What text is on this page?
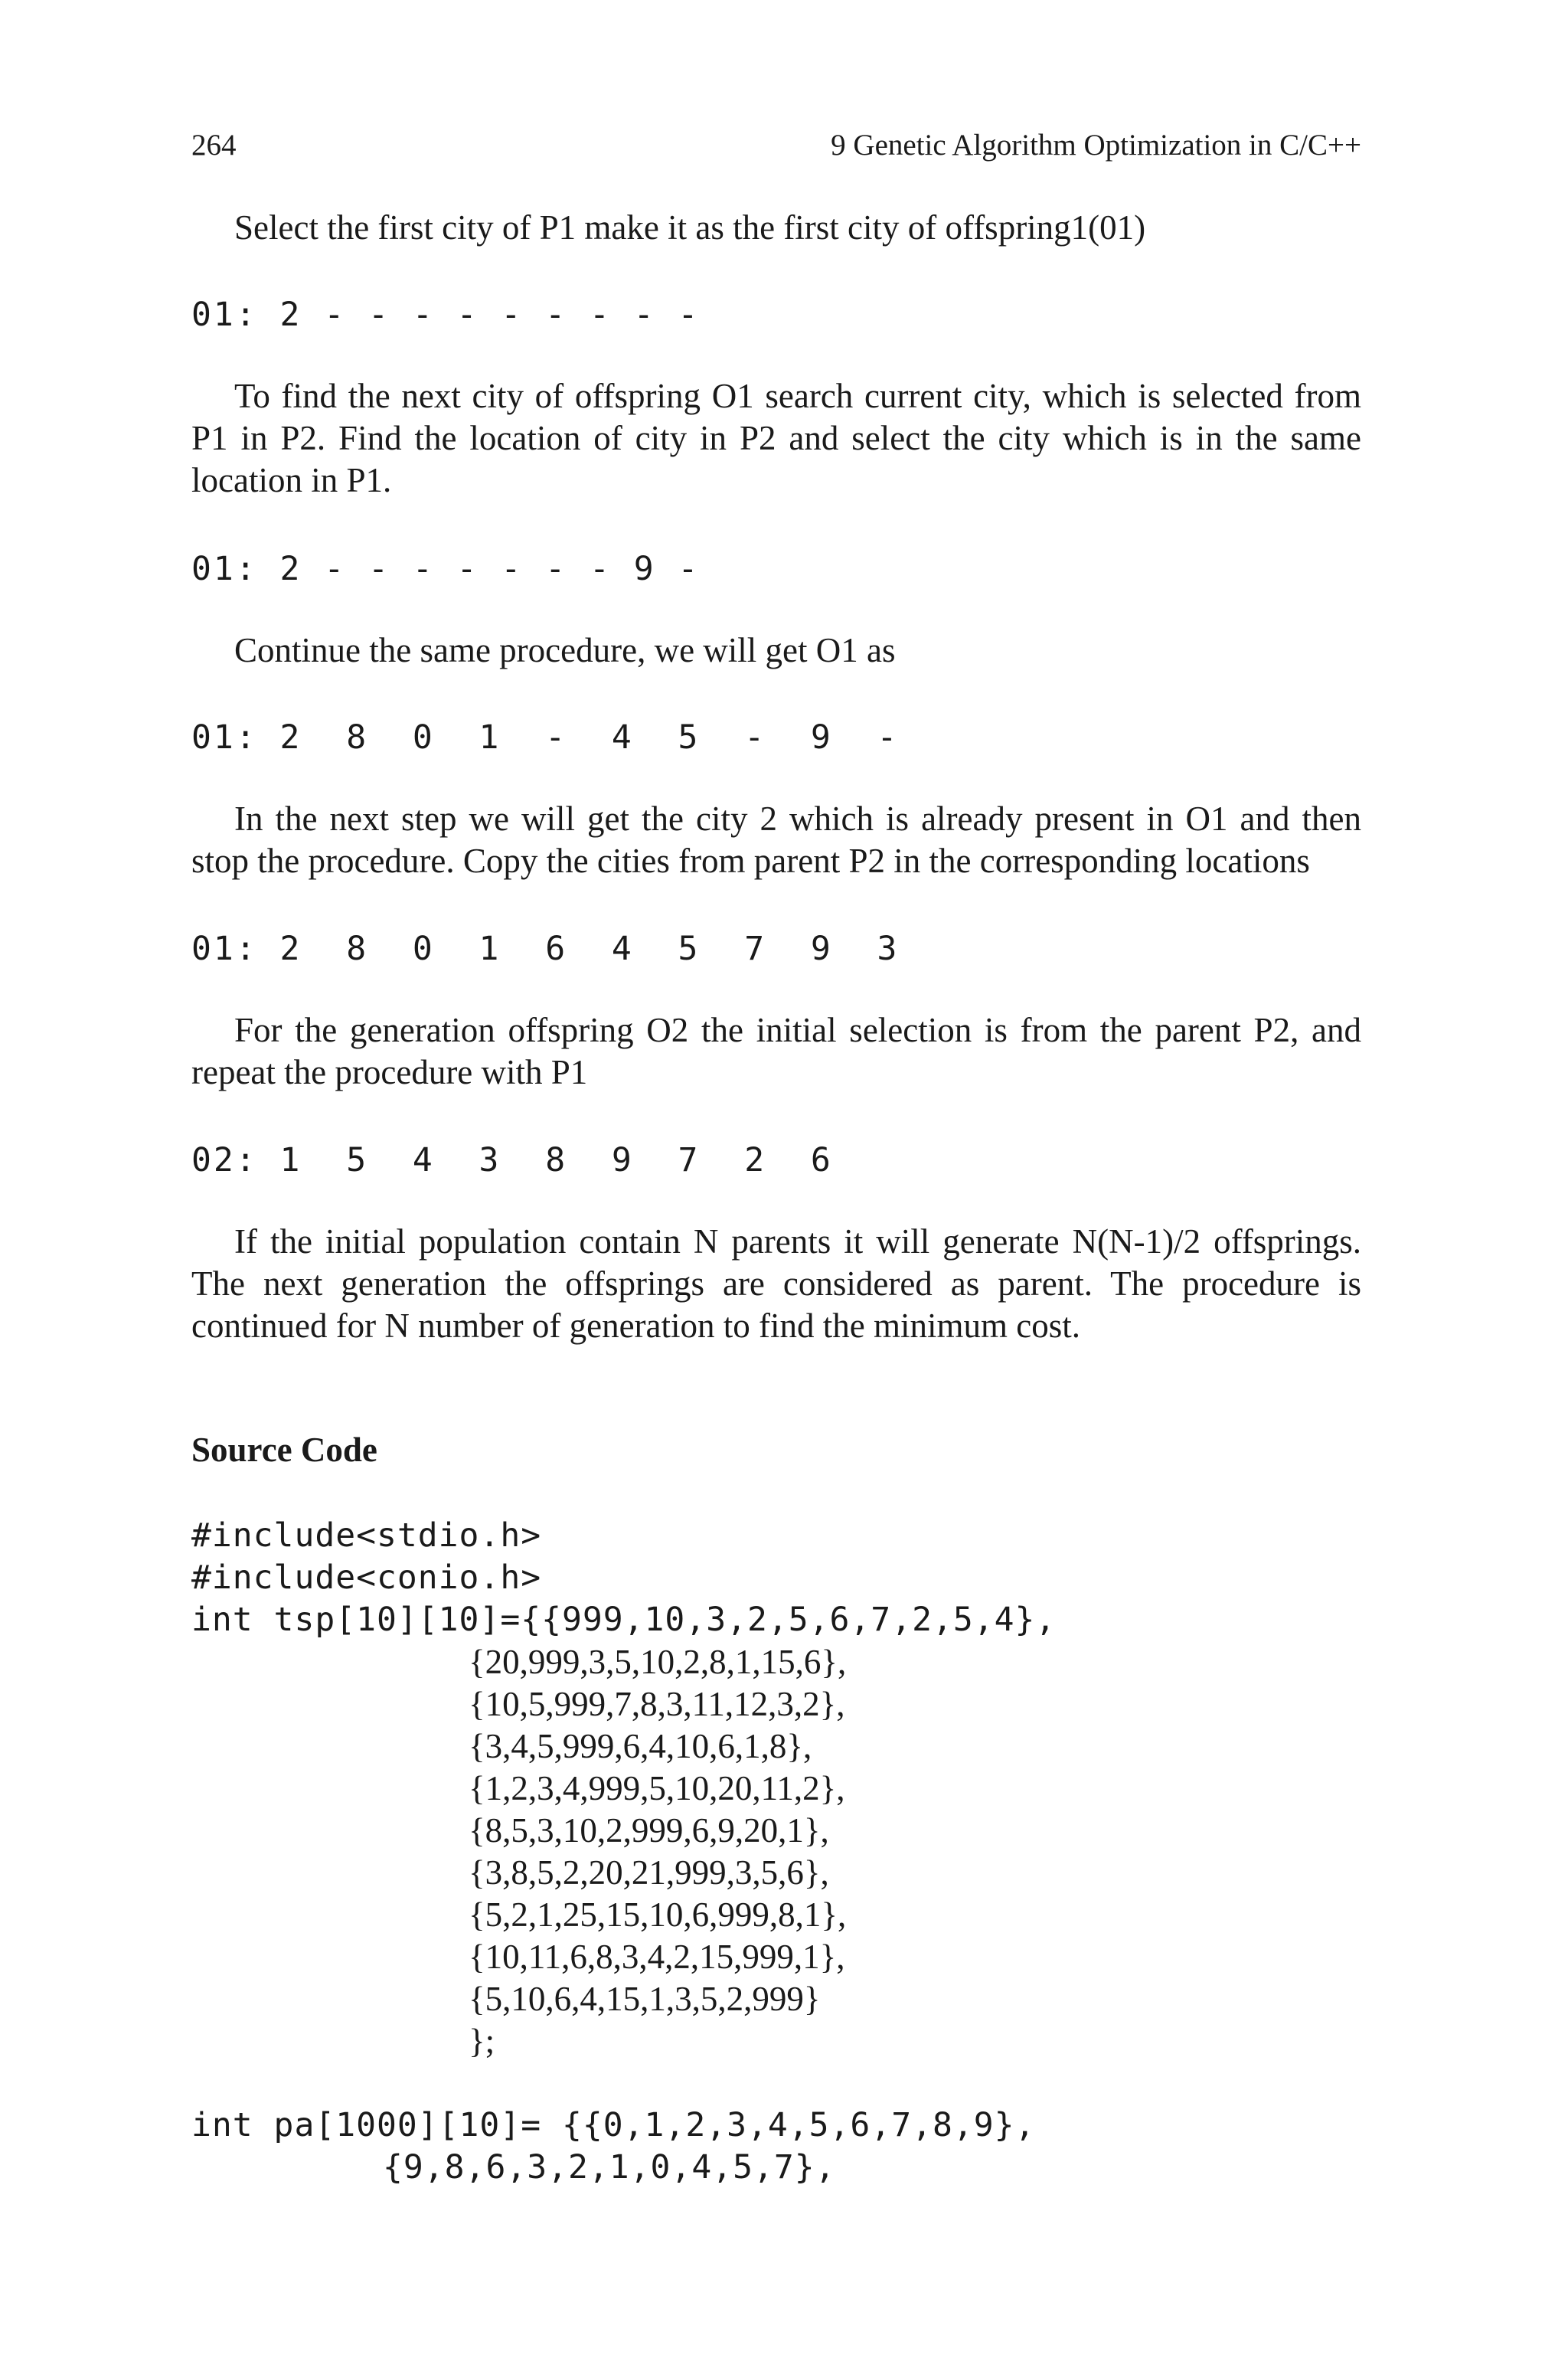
264	9 Genetic Algorithm Optimization in C/C++

Select the first city of P1 make it as the first city of offspring1(01)

01: 2 - - - - - - - - -

To find the next city of offspring O1 search current city, which is selected from P1 in P2. Find the location of city in P2 and select the city which is in the same location in P1.

01: 2 - - - - - - - 9 -

Continue the same procedure, we will get O1 as

01: 2  8  0  1  -  4  5  -  9  -

In the next step we will get the city 2 which is already present in O1 and then stop the procedure. Copy the cities from parent P2 in the corresponding locations

01: 2  8  0  1  6  4  5  7  9  3

For the generation offspring O2 the initial selection is from the parent P2, and repeat the procedure with P1

02: 1  5  4  3  8  9  7  2  6

If the initial population contain N parents it will generate N(N-1)/2 offsprings. The next generation the offsprings are considered as parent. The procedure is continued for N number of generation to find the minimum cost.

Source Code
#include<stdio.h>
#include<conio.h>
int tsp[10][10]={{999,10,3,2,5,6,7,2,5,4},
{20,999,3,5,10,2,8,1,15,6},
{10,5,999,7,8,3,11,12,3,2},
{3,4,5,999,6,4,10,6,1,8},
{1,2,3,4,999,5,10,20,11,2},
{8,5,3,10,2,999,6,9,20,1},
{3,8,5,2,20,21,999,3,5,6},
{5,2,1,25,15,10,6,999,8,1},
{10,11,6,8,3,4,2,15,999,1},
{5,10,6,4,15,1,3,5,2,999}
};
int pa[1000][10]= {{0,1,2,3,4,5,6,7,8,9},
{9,8,6,3,2,1,0,4,5,7},
